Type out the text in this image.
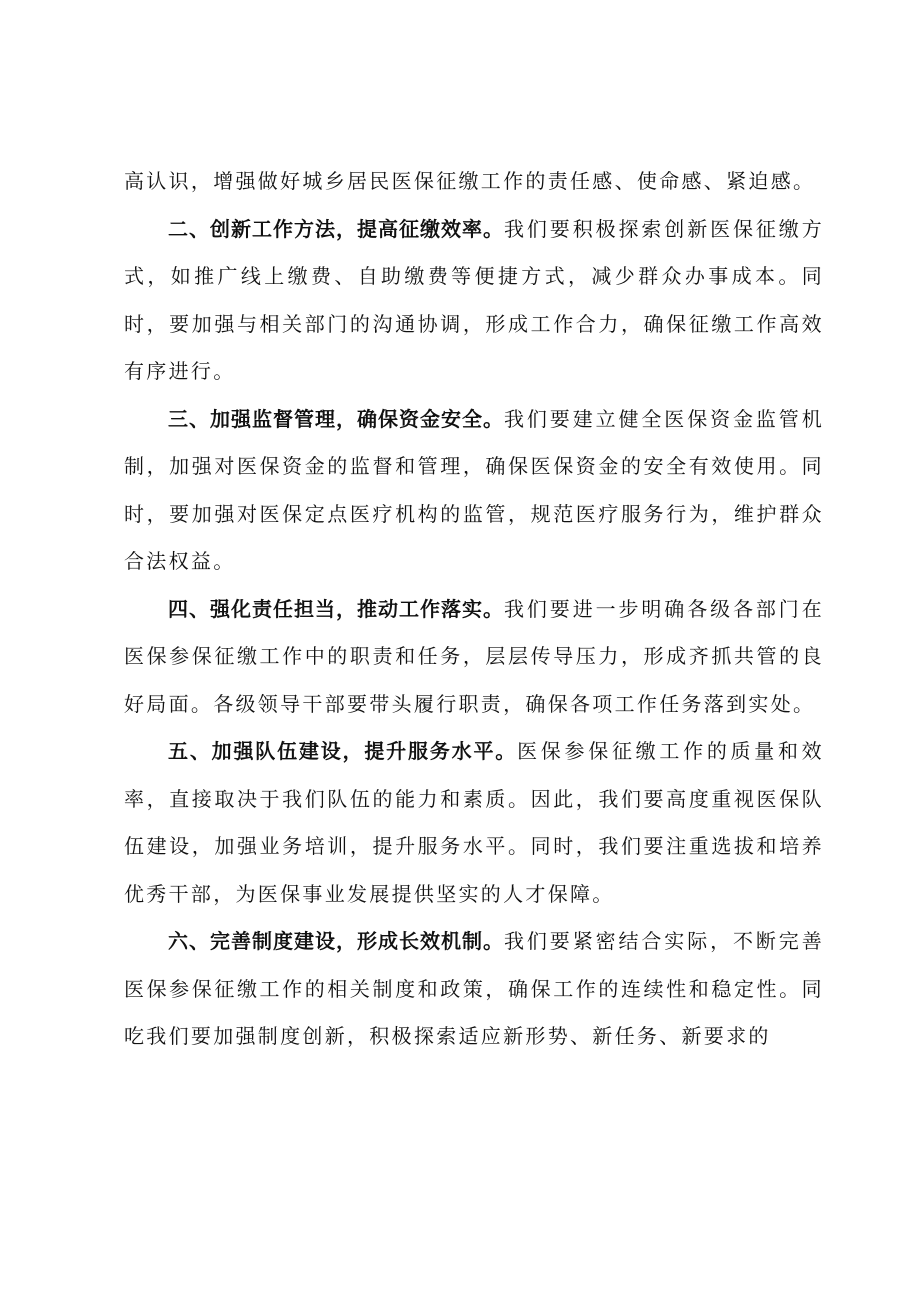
高认识，增强做好城乡居民医保征缴工作的责任感、使命感、紧迫感。

二、创新工作方法，提高征缴效率。我们要积极探索创新医保征缴方式，如推广线上缴费、自助缴费等便捷方式，减少群众办事成本。同时，要加强与相关部门的沟通协调，形成工作合力，确保征缴工作高效有序进行。

三、加强监督管理，确保资金安全。我们要建立健全医保资金监管机制，加强对医保资金的监督和管理，确保医保资金的安全有效使用。同时，要加强对医保定点医疗机构的监管，规范医疗服务行为，维护群众合法权益。

四、强化责任担当，推动工作落实。我们要进一步明确各级各部门在医保参保征缴工作中的职责和任务，层层传导压力，形成齐抓共管的良好局面。各级领导干部要带头履行职责，确保各项工作任务落到实处。

五、加强队伍建设，提升服务水平。医保参保征缴工作的质量和效率，直接取决于我们队伍的能力和素质。因此，我们要高度重视医保队伍建设，加强业务培训，提升服务水平。同时，我们要注重选拔和培养优秀干部，为医保事业发展提供坚实的人才保障。

六、完善制度建设，形成长效机制。我们要紧密结合实际，不断完善医保参保征缴工作的相关制度和政策，确保工作的连续性和稳定性。同吃我们要加强制度创新，积极探索适应新形势、新任务、新要求的
